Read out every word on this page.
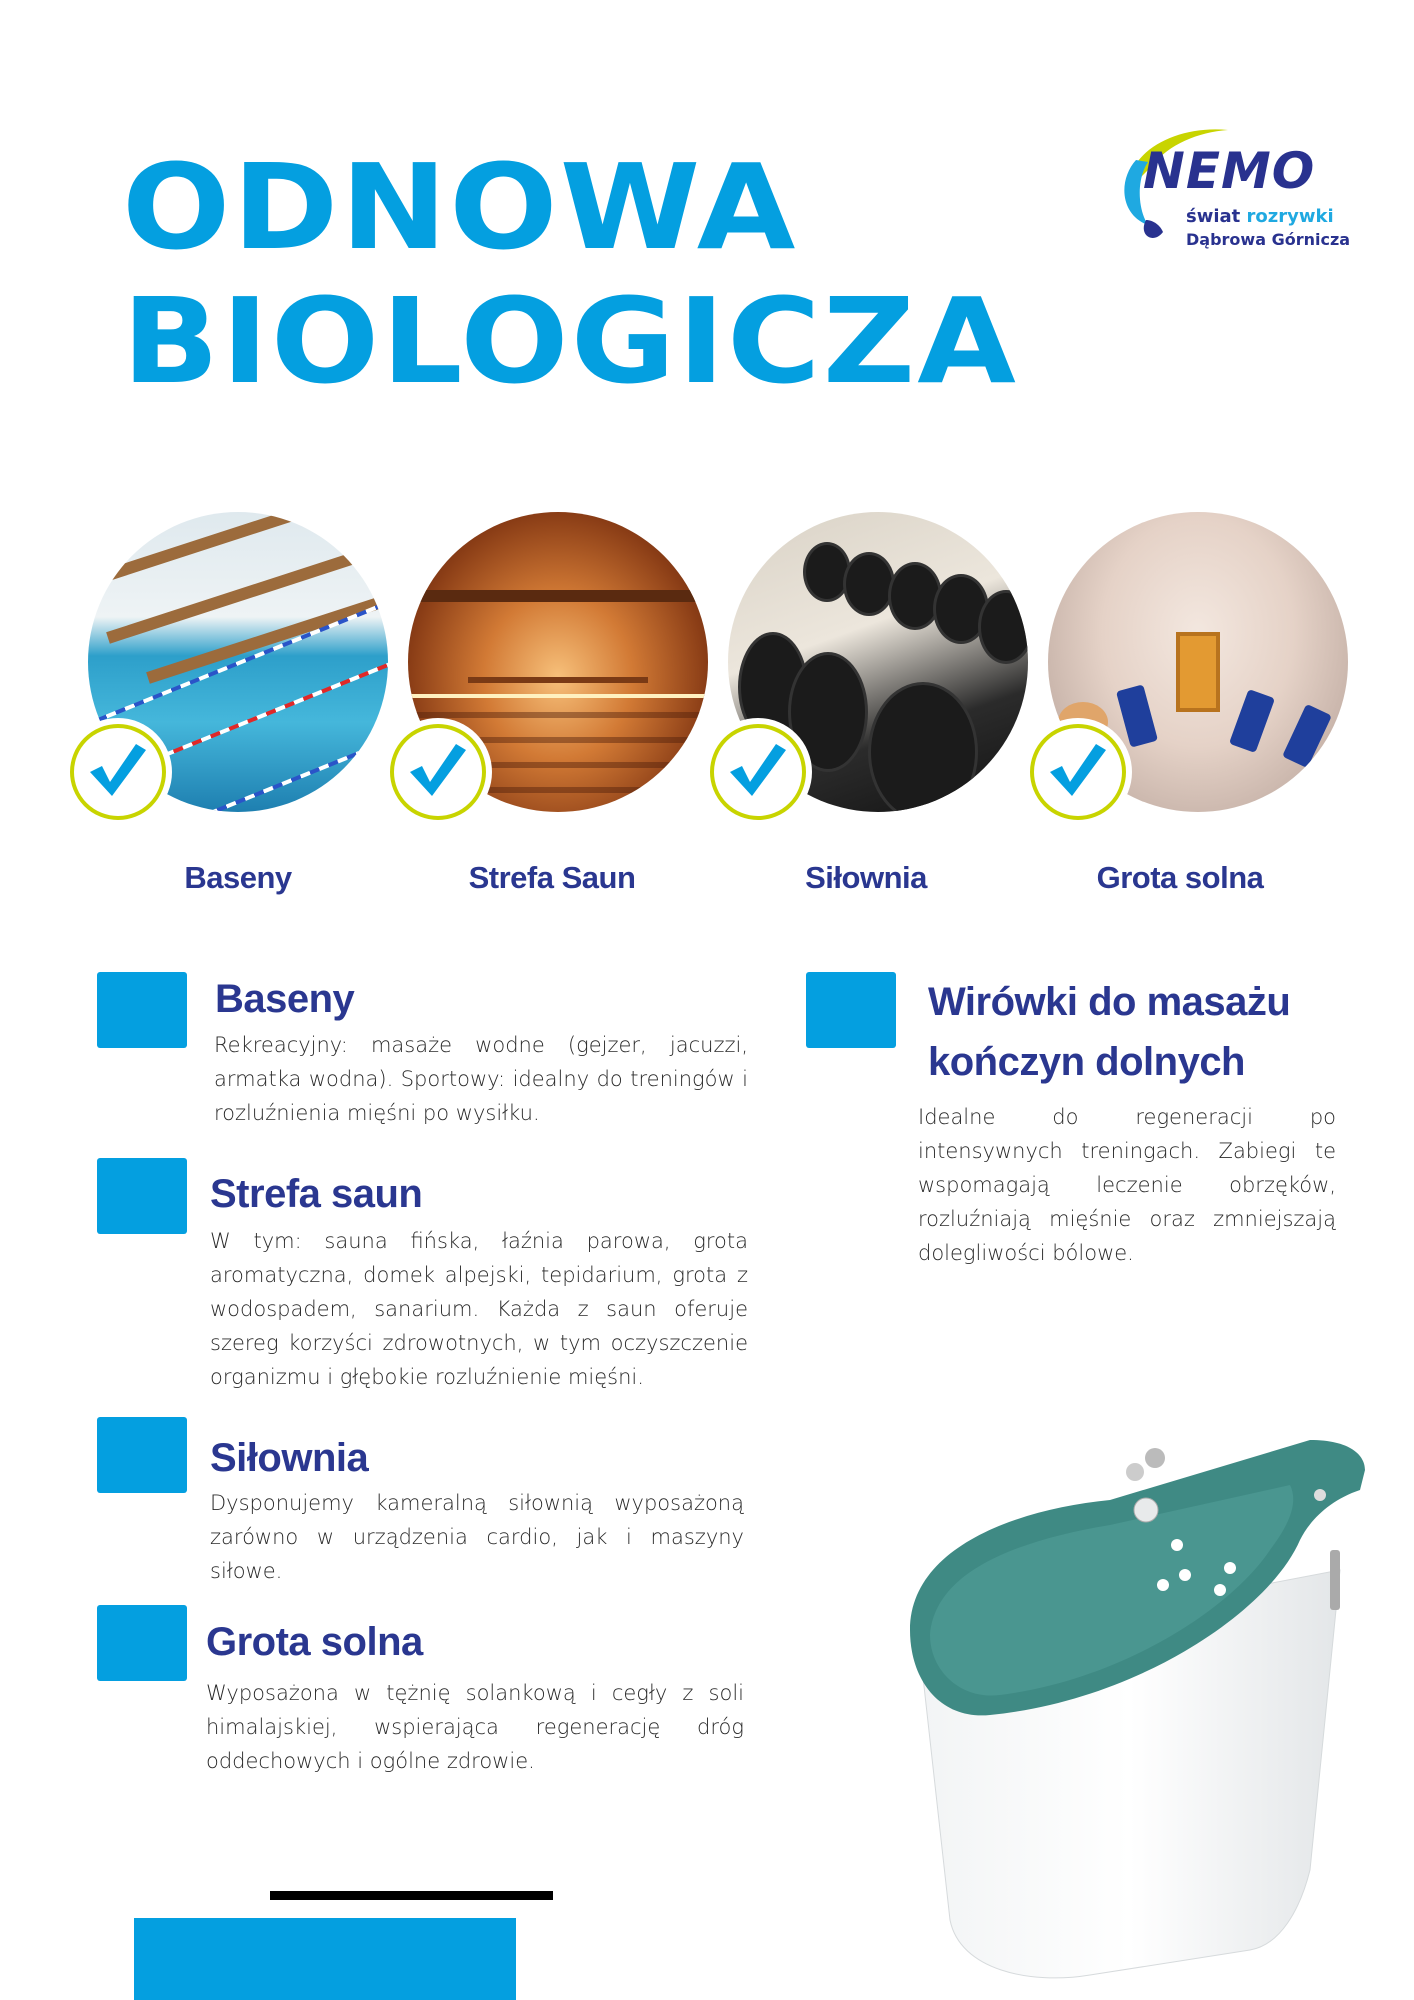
ODNOWA
BIOLOGICZA
NEMO
świat rozrywki
Dąbrowa Górnicza
Baseny	Strefa Saun	Siłownia	Grota solna
Baseny
Rekreacyjny: masaże wodne (gejzer, jacuzzi, armatka wodna). Sportowy: idealny do treningów i rozluźnienia mięśni po wysiłku.
Strefa saun
W tym: sauna fińska, łaźnia parowa, grota aromatyczna, domek alpejski, tepidarium, grota z wodospadem, sanarium. Każda z saun oferuje szereg korzyści zdrowotnych, w tym oczyszczenie organizmu i głębokie rozluźnienie mięśni.
Siłownia
Dysponujemy kameralną siłownią wyposażoną zarówno w urządzenia cardio, jak i maszyny siłowe.
Grota solna
Wyposażona w tężnię solankową i cegły z soli himalajskiej, wspierająca regenerację dróg oddechowych i ogólne zdrowie.
Wirówki do masażu
kończyn dolnych
Idealne do regeneracji po intensywnych treningach. Zabiegi te wspomagają leczenie obrzęków, rozluźniają mięśnie oraz zmniejszają dolegliwości bólowe.
